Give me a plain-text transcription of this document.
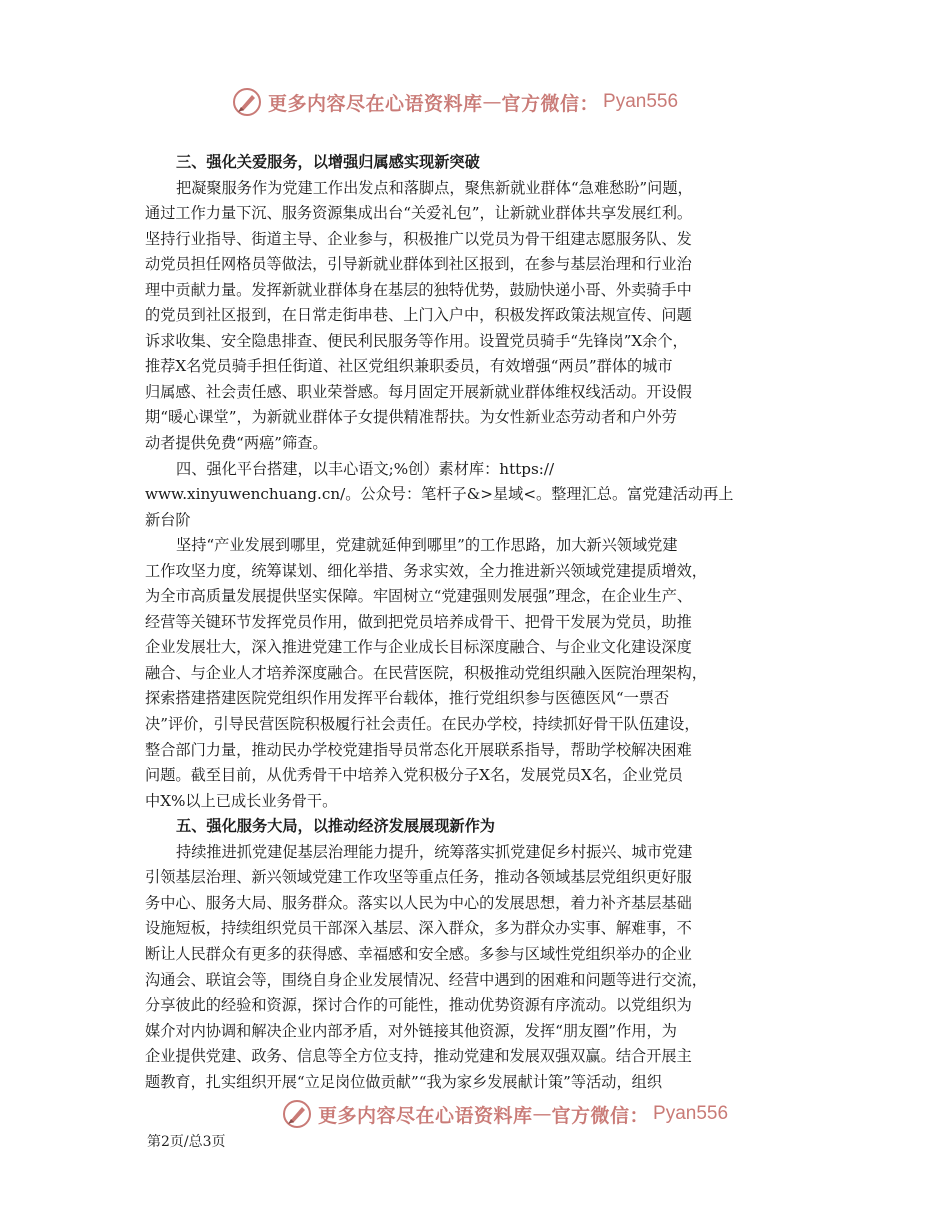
更多内容尽在心语资料库 — 官方微信： Pyan556
三、强化关爱服务，以增强归属感实现新突破
把凝聚服务作为党建工作出发点和落脚点，聚焦新就业群体“急难愁盼”问题，
通过工作力量下沉、服务资源集成出台“关爱礼包”，让新就业群体共享发展红利。
坚持行业指导、街道主导、企业参与，积极推广以党员为骨干组建志愿服务队、发
动党员担任网格员等做法，引导新就业群体到社区报到，在参与基层治理和行业治
理中贡献力量。发挥新就业群体身在基层的独特优势，鼓励快递小哥、外卖骑手中
的党员到社区报到，在日常走街串巷、上门入户中，积极发挥政策法规宣传、问题
诉求收集、安全隐患排查、便民利民服务等作用。设置党员骑手“先锋岗”X余个，
推荐X名党员骑手担任街道、社区党组织兼职委员，有效增强“两员”群体的城市
归属感、社会责任感、职业荣誉感。每月固定开展新就业群体维权线活动。开设假
期“暖心课堂”，为新就业群体子女提供精准帮扶。为女性新业态劳动者和户外劳
动者提供免费“两癌”筛查。
四、强化平台搭建，以丰心语文;%创）素材库：https://
www.xinyuwenchuang.cn/。公众号：笔杆子&>星域<。整理汇总。富党建活动再上
新台阶
坚持“产业发展到哪里，党建就延伸到哪里”的工作思路，加大新兴领域党建
工作攻坚力度，统筹谋划、细化举措、务求实效，全力推进新兴领域党建提质增效，
为全市高质量发展提供坚实保障。牢固树立“党建强则发展强”理念，在企业生产、
经营等关键环节发挥党员作用，做到把党员培养成骨干、把骨干发展为党员，助推
企业发展壮大，深入推进党建工作与企业成长目标深度融合、与企业文化建设深度
融合、与企业人才培养深度融合。在民营医院，积极推动党组织融入医院治理架构，
探索搭建搭建医院党组织作用发挥平台载体，推行党组织参与医德医风“一票否
决”评价，引导民营医院积极履行社会责任。在民办学校，持续抓好骨干队伍建设，
整合部门力量，推动民办学校党建指导员常态化开展联系指导，帮助学校解决困难
问题。截至目前，从优秀骨干中培养入党积极分子X名，发展党员X名，企业党员
中X%以上已成长业务骨干。
五、强化服务大局，以推动经济发展展现新作为
持续推进抓党建促基层治理能力提升，统筹落实抓党建促乡村振兴、城市党建
引领基层治理、新兴领域党建工作攻坚等重点任务，推动各领域基层党组织更好服
务中心、服务大局、服务群众。落实以人民为中心的发展思想，着力补齐基层基础
设施短板，持续组织党员干部深入基层、深入群众，多为群众办实事、解难事，不
断让人民群众有更多的获得感、幸福感和安全感。多参与区域性党组织举办的企业
沟通会、联谊会等，围绕自身企业发展情况、经营中遇到的困难和问题等进行交流，
分享彼此的经验和资源，探讨合作的可能性，推动优势资源有序流动。以党组织为
媒介对内协调和解决企业内部矛盾，对外链接其他资源，发挥“朋友圈”作用，为
企业提供党建、政务、信息等全方位支持，推动党建和发展双强双赢。结合开展主
题教育，扎实组织开展“立足岗位做贡献”“我为家乡发展献计策”等活动，组织
更多内容尽在心语资料库 — 官方微信： Pyan556
第2页/总3页
